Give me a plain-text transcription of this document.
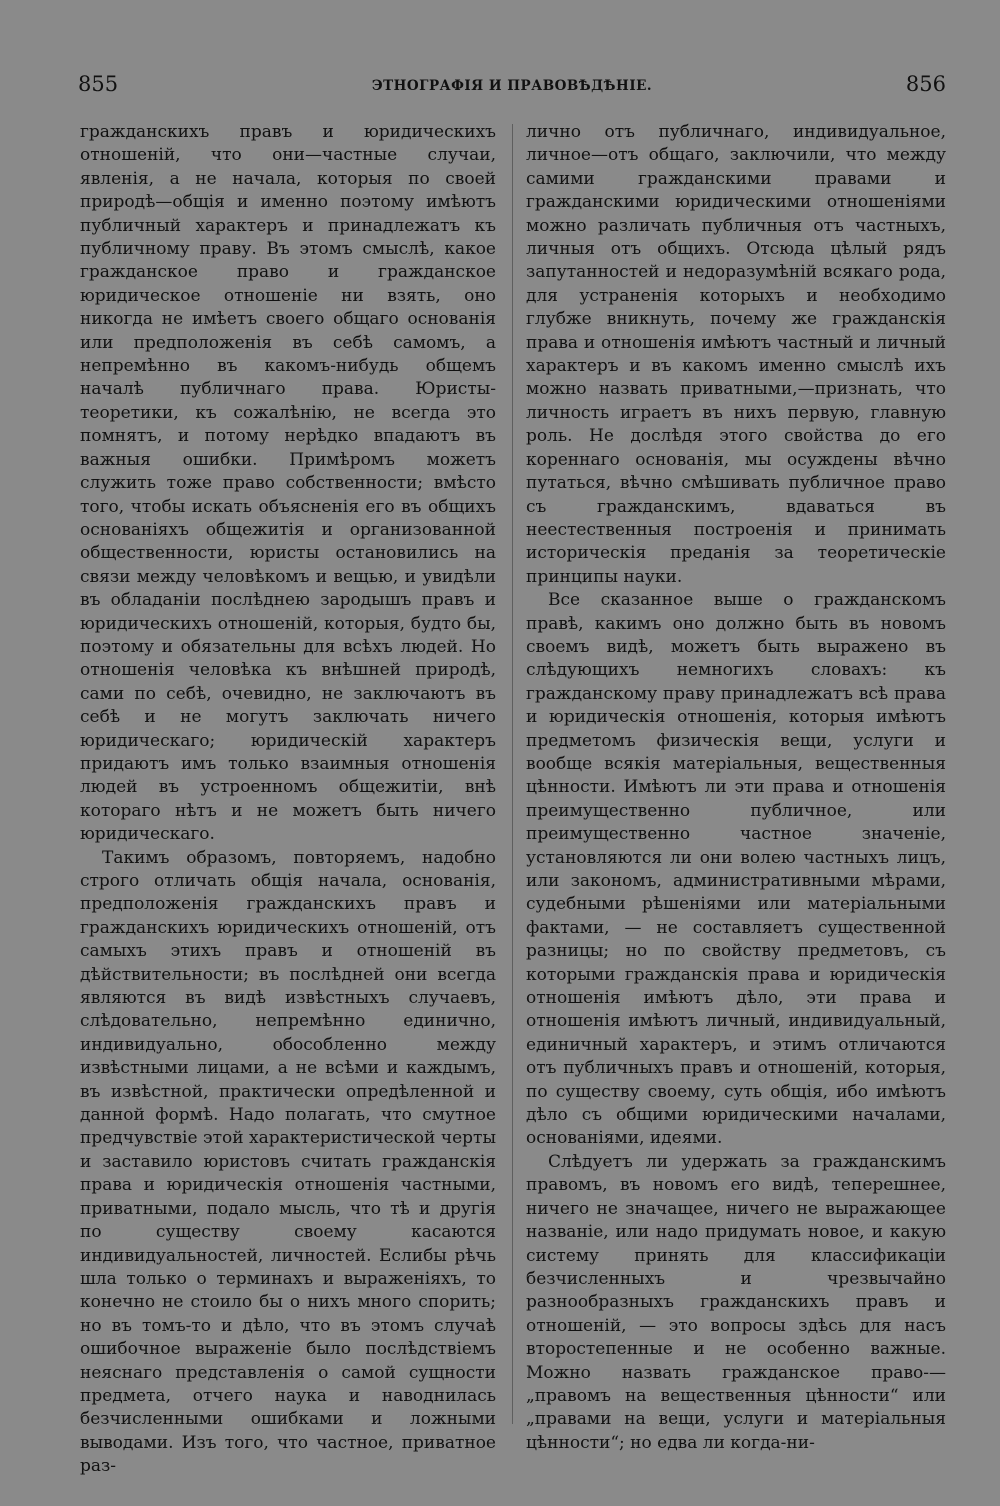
855	ЭТНОГРАФІЯ И ПРАВОВѢДѢНІЕ.	856

гражданскихъ правъ и юридическихъ отношеній, что они—частные случаи, явленія, а не начала, которыя по своей природѣ—общія и именно поэтому имѣютъ публичный характеръ и принадлежатъ къ публичному праву. Въ этомъ смыслѣ, какое гражданское право и гражданское юридическое отношеніе ни взять, оно никогда не имѣетъ своего общаго основанія или предположенія въ себѣ самомъ, а непремѣнно въ какомъ-нибудь общемъ началѣ публичнаго права. Юристы-теоретики, къ сожалѣнію, не всегда это помнятъ, и потому нерѣдко впадаютъ въ важныя ошибки. Примѣромъ можетъ служить тоже право собственности; вмѣсто того, чтобы искать объясненія его въ общихъ основаніяхъ общежитія и организованной общественности, юристы остановились на связи между человѣкомъ и вещью, и увидѣли въ обладаніи послѣднею зародышъ правъ и юридическихъ отношеній, которыя, будто бы, поэтому и обязательны для всѣхъ людей. Но отношенія человѣка къ внѣшней природѣ, сами по себѣ, очевидно, не заключаютъ въ себѣ и не могутъ заключать ничего юридическаго; юридическій характеръ придаютъ имъ только взаимныя отношенія людей въ устроенномъ общежитіи, внѣ котораго нѣтъ и не можетъ быть ничего юридическаго.

Такимъ образомъ, повторяемъ, надобно строго отличать общія начала, основанія, предположенія гражданскихъ правъ и гражданскихъ юридическихъ отношеній, отъ самыхъ этихъ правъ и отношеній въ дѣйствительности; въ послѣдней они всегда являются въ видѣ извѣстныхъ случаевъ, слѣдовательно, непремѣнно единично, индивидуально, обособленно между извѣстными лицами, а не всѣми и каждымъ, въ извѣстной, практически опредѣленной и данной формѣ. Надо полагать, что смутное предчувствіе этой характеристической черты и заставило юристовъ считать гражданскія права и юридическія отношенія частными, приватными, подало мысль, что тѣ и другія по существу своему касаются индивидуальностей, личностей. Еслибы рѣчь шла только о терминахъ и выраженіяхъ, то конечно не стоило бы о нихъ много спорить; но въ томъ-то и дѣло, что въ этомъ случаѣ ошибочное выраженіе было послѣдствіемъ неяснаго представленія о самой сущности предмета, отчего наука и наводнилась безчисленными ошибками и ложными выводами. Изъ того, что частное, приватное раз-

лично отъ публичнаго, индивидуальное, личное—отъ общаго, заключили, что между самими гражданскими правами и гражданскими юридическими отношеніями можно различать публичныя отъ частныхъ, личныя отъ общихъ. Отсюда цѣлый рядъ запутанностей и недоразумѣній всякаго рода, для устраненія которыхъ и необходимо глубже вникнуть, почему же гражданскія права и отношенія имѣютъ частный и личный характеръ и въ какомъ именно смыслѣ ихъ можно назвать приватными,—признать, что личность играетъ въ нихъ первую, главную роль. Не дослѣдя этого свойства до его кореннаго основанія, мы осуждены вѣчно путаться, вѣчно смѣшивать публичное право съ гражданскимъ, вдаваться въ неестественныя построенія и принимать историческія преданія за теоретическіе принципы науки.

Все сказанное выше о гражданскомъ правѣ, какимъ оно должно быть въ новомъ своемъ видѣ, можетъ быть выражено въ слѣдующихъ немногихъ словахъ: къ гражданскому праву принадлежатъ всѣ права и юридическія отношенія, которыя имѣютъ предметомъ физическія вещи, услуги и вообще всякія матеріальныя, вещественныя цѣнности. Имѣютъ ли эти права и отношенія преимущественно публичное, или преимущественно частное значеніе, установляются ли они волею частныхъ лицъ, или закономъ, административными мѣрами, судебными рѣшеніями или матеріальными фактами, — не составляетъ существенной разницы; но по свойству предметовъ, съ которыми гражданскія права и юридическія отношенія имѣютъ дѣло, эти права и отношенія имѣютъ личный, индивидуальный, единичный характеръ, и этимъ отличаются отъ публичныхъ правъ и отношеній, которыя, по существу своему, суть общія, ибо имѣютъ дѣло съ общими юридическими началами, основаніями, идеями.

Слѣдуетъ ли удержать за гражданскимъ правомъ, въ новомъ его видѣ, теперешнее, ничего не значащее, ничего не выражающее названіе, или надо придумать новое, и какую систему принять для классификаціи безчисленныхъ и чрезвычайно разнообразныхъ гражданскихъ правъ и отношеній, — это вопросы здѣсь для насъ второстепенные и не особенно важные. Можно назвать гражданское право-—„правомъ на вещественныя цѣнности“ или „правами на вещи, услуги и матеріальныя цѣнности“; но едва ли когда-ни-
